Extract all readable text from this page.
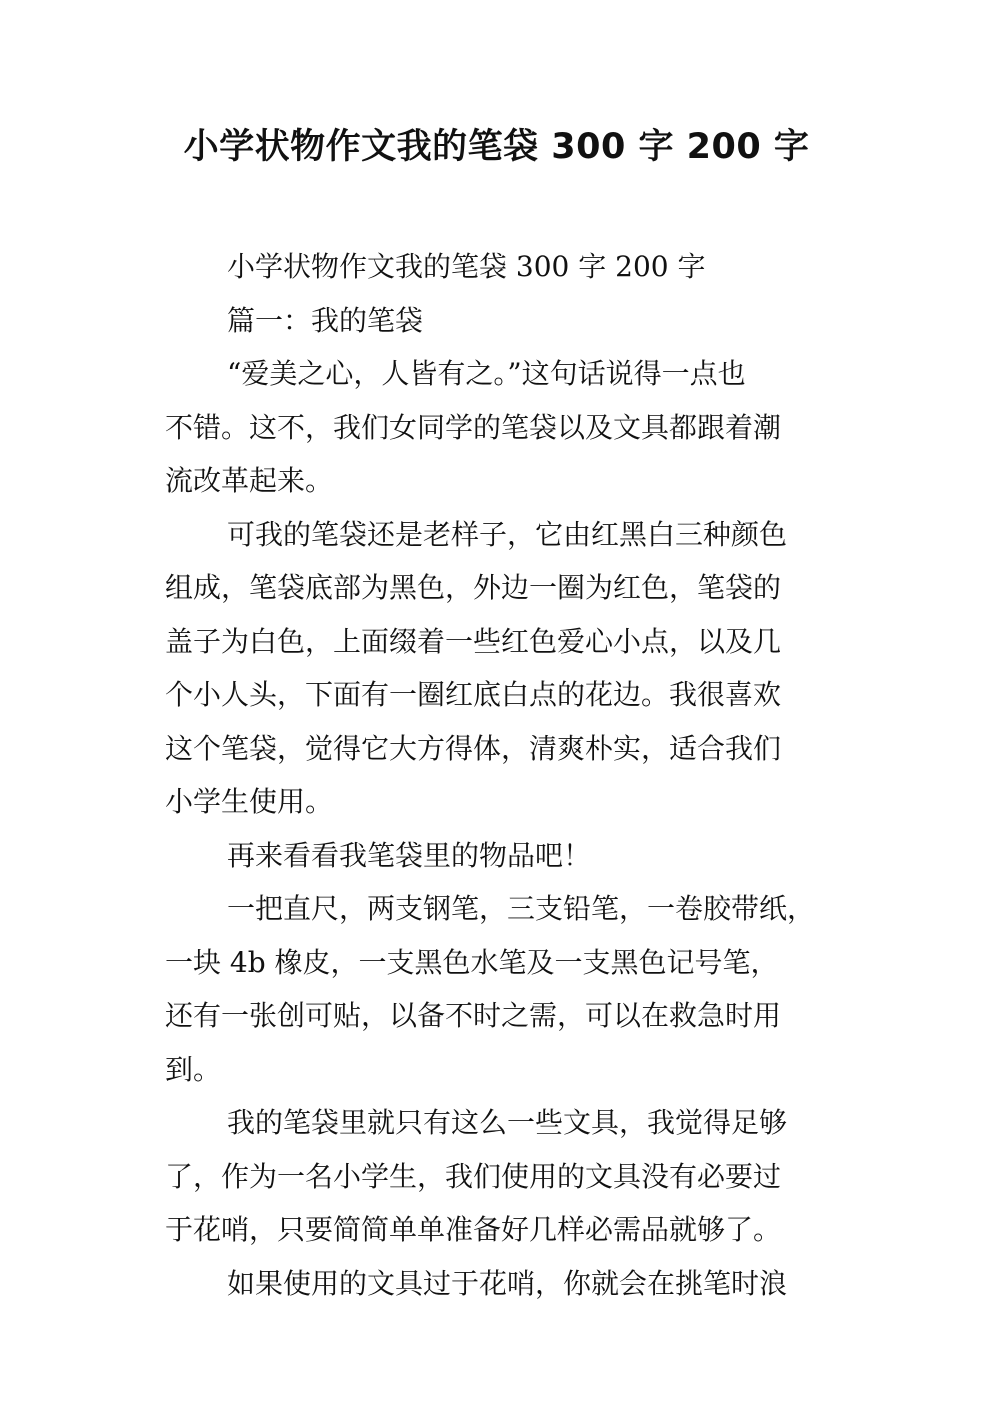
小学状物作文我的笔袋 300 字 200 字

小学状物作文我的笔袋 300 字 200 字

篇一：我的笔袋

“爱美之心，人皆有之。”这句话说得一点也

不错。这不，我们女同学的笔袋以及文具都跟着潮

流改革起来。

可我的笔袋还是老样子，它由红黑白三种颜色

组成，笔袋底部为黑色，外边一圈为红色，笔袋的

盖子为白色，上面缀着一些红色爱心小点，以及几

个小人头，下面有一圈红底白点的花边。我很喜欢

这个笔袋，觉得它大方得体，清爽朴实，适合我们

小学生使用。

再来看看我笔袋里的物品吧！

一把直尺，两支钢笔，三支铅笔，一卷胶带纸，

一块 4b 橡皮，一支黑色水笔及一支黑色记号笔，

还有一张创可贴，以备不时之需，可以在救急时用

到。

我的笔袋里就只有这么一些文具，我觉得足够

了，作为一名小学生，我们使用的文具没有必要过

于花哨，只要简简单单准备好几样必需品就够了。

如果使用的文具过于花哨，你就会在挑笔时浪
